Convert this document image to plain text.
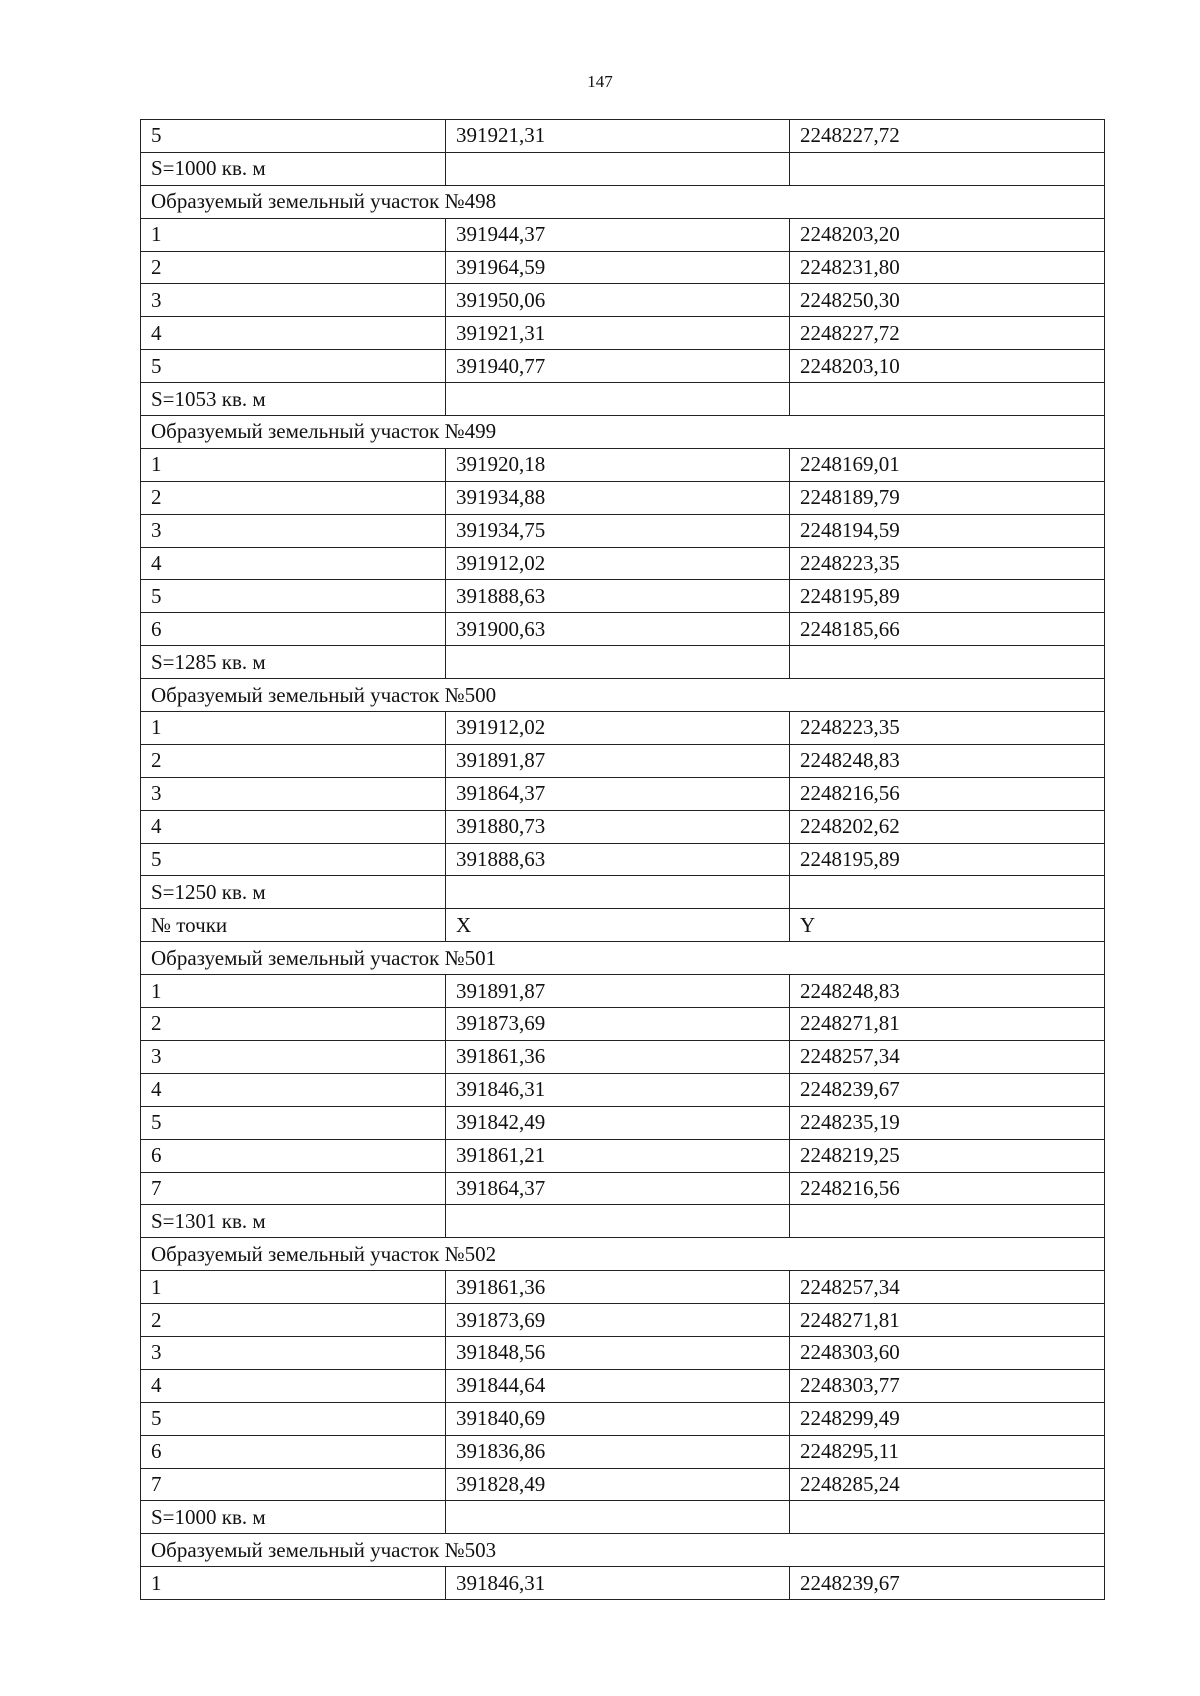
147
5	391921,31	2248227,72
S=1000 кв. м		
Образуемый земельный участок №498		
1	391944,37	2248203,20
2	391964,59	2248231,80
3	391950,06	2248250,30
4	391921,31	2248227,72
5	391940,77	2248203,10
S=1053 кв. м		
Образуемый земельный участок №499		
1	391920,18	2248169,01
2	391934,88	2248189,79
3	391934,75	2248194,59
4	391912,02	2248223,35
5	391888,63	2248195,89
6	391900,63	2248185,66
S=1285 кв. м		
Образуемый земельный участок №500		
1	391912,02	2248223,35
2	391891,87	2248248,83
3	391864,37	2248216,56
4	391880,73	2248202,62
5	391888,63	2248195,89
S=1250 кв. м		
№ точки	X	Y
Образуемый земельный участок №501		
1	391891,87	2248248,83
2	391873,69	2248271,81
3	391861,36	2248257,34
4	391846,31	2248239,67
5	391842,49	2248235,19
6	391861,21	2248219,25
7	391864,37	2248216,56
S=1301 кв. м		
Образуемый земельный участок №502		
1	391861,36	2248257,34
2	391873,69	2248271,81
3	391848,56	2248303,60
4	391844,64	2248303,77
5	391840,69	2248299,49
6	391836,86	2248295,11
7	391828,49	2248285,24
S=1000 кв. м		
Образуемый земельный участок №503		
1	391846,31	2248239,67
